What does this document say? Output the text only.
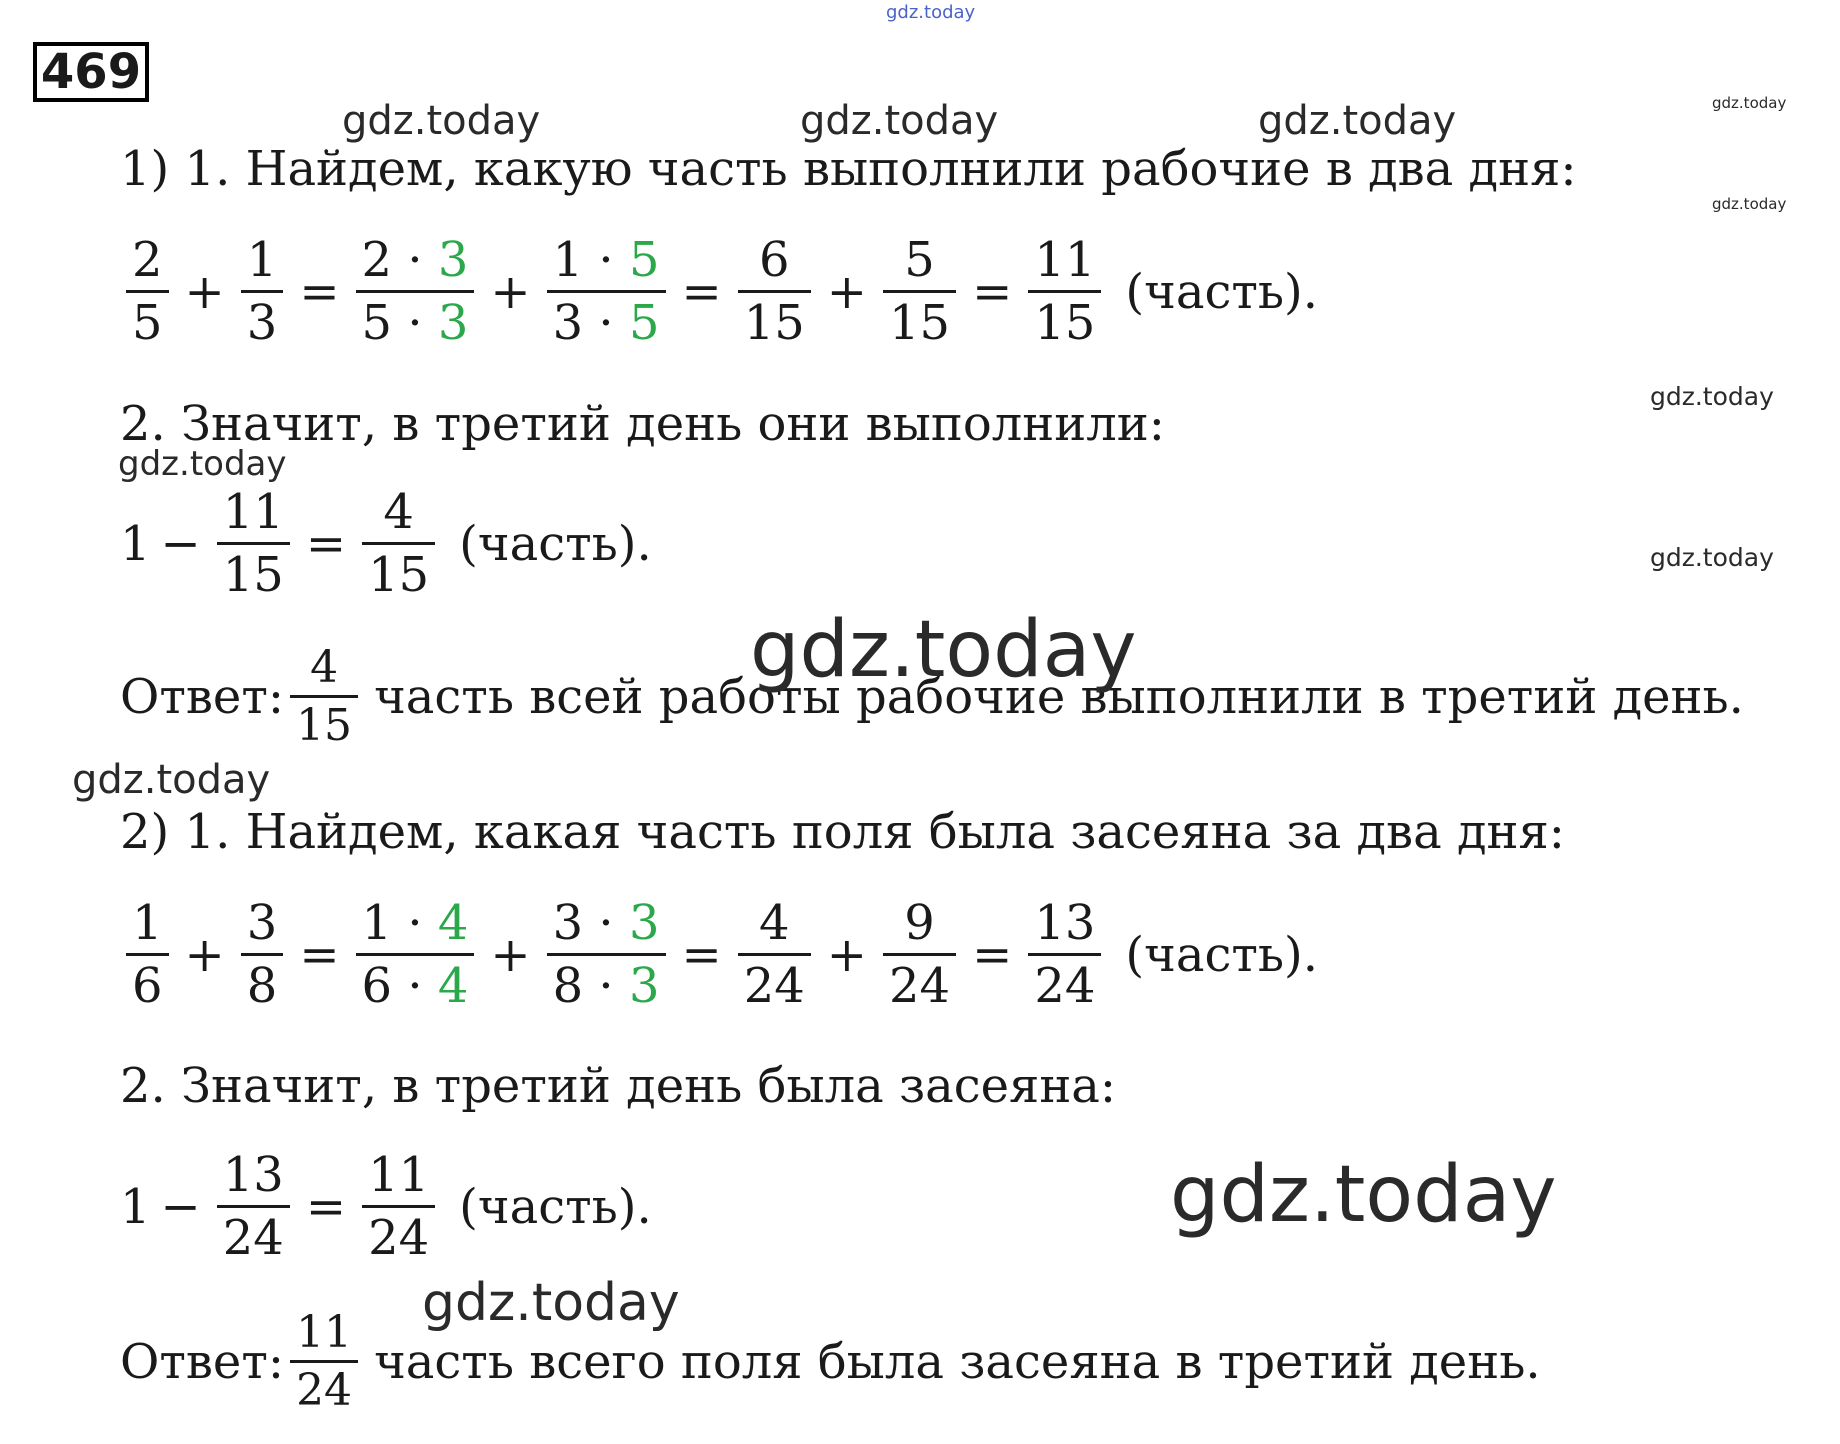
469
1) 1. Найдем, какую часть выполнили рабочие в два дня:
$\frac{2}{5} + \frac{1}{3} = \frac{2 \cdot 3}{5 \cdot 3} + \frac{1 \cdot 5}{3 \cdot 5} = \frac{6}{15} + \frac{5}{15} = \frac{11}{15}$ (часть).
2. Значит, в третий день они выполнили:
$1 - \frac{11}{15} = \frac{4}{15}$ (часть).
Ответ: $\frac{4}{15}$ часть всей работы рабочие выполнили в третий день.
2) 1. Найдем, какая часть поля была засеяна за два дня:
$\frac{1}{6} + \frac{3}{8} = \frac{1 \cdot 4}{6 \cdot 4} + \frac{3 \cdot 3}{8 \cdot 3} = \frac{4}{24} + \frac{9}{24} = \frac{13}{24}$ (часть).
2. Значит, в третий день была засеяна:
$1 - \frac{13}{24} = \frac{11}{24}$ (часть).
Ответ: $\frac{11}{24}$ часть всего поля была засеяна в третий день.
gdz.today
gdz.today	gdz.today	gdz.today	gdz.today
gdz.today
gdz.today
gdz.today
gdz.today
gdz.today
gdz.today
gdz.today
gdz.today
